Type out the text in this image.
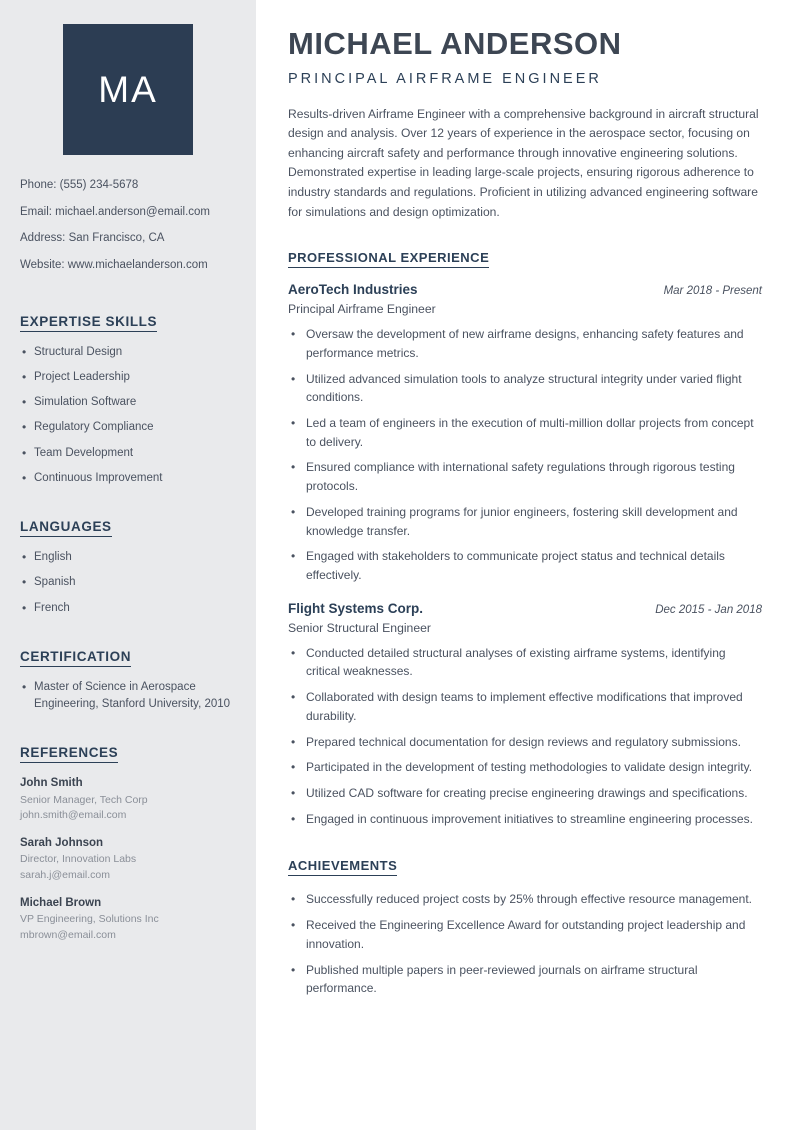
MA
Phone: (555) 234-5678
Email: michael.anderson@email.com
Address: San Francisco, CA
Website: www.michaelanderson.com
EXPERTISE SKILLS
• Structural Design
• Project Leadership
• Simulation Software
• Regulatory Compliance
• Team Development
• Continuous Improvement
LANGUAGES
• English
• Spanish
• French
CERTIFICATION
• Master of Science in Aerospace Engineering, Stanford University, 2010
REFERENCES
John Smith
Senior Manager, Tech Corp
john.smith@email.com
Sarah Johnson
Director, Innovation Labs
sarah.j@email.com
Michael Brown
VP Engineering, Solutions Inc
mbrown@email.com
MICHAEL ANDERSON
PRINCIPAL AIRFRAME ENGINEER

Results-driven Airframe Engineer with a comprehensive background in aircraft structural design and analysis. Over 12 years of experience in the aerospace sector, focusing on enhancing aircraft safety and performance through innovative engineering solutions. Demonstrated expertise in leading large-scale projects, ensuring rigorous adherence to industry standards and regulations. Proficient in utilizing advanced engineering software for simulations and design optimization.

PROFESSIONAL EXPERIENCE
AeroTech Industries	Mar 2018 - Present
Principal Airframe Engineer
• Oversaw the development of new airframe designs, enhancing safety features and performance metrics.
• Utilized advanced simulation tools to analyze structural integrity under varied flight conditions.
• Led a team of engineers in the execution of multi-million dollar projects from concept to delivery.
• Ensured compliance with international safety regulations through rigorous testing protocols.
• Developed training programs for junior engineers, fostering skill development and knowledge transfer.
• Engaged with stakeholders to communicate project status and technical details effectively.
Flight Systems Corp.	Dec 2015 - Jan 2018
Senior Structural Engineer
• Conducted detailed structural analyses of existing airframe systems, identifying critical weaknesses.
• Collaborated with design teams to implement effective modifications that improved durability.
• Prepared technical documentation for design reviews and regulatory submissions.
• Participated in the development of testing methodologies to validate design integrity.
• Utilized CAD software for creating precise engineering drawings and specifications.
• Engaged in continuous improvement initiatives to streamline engineering processes.
ACHIEVEMENTS
• Successfully reduced project costs by 25% through effective resource management.
• Received the Engineering Excellence Award for outstanding project leadership and innovation.
• Published multiple papers in peer-reviewed journals on airframe structural performance.
